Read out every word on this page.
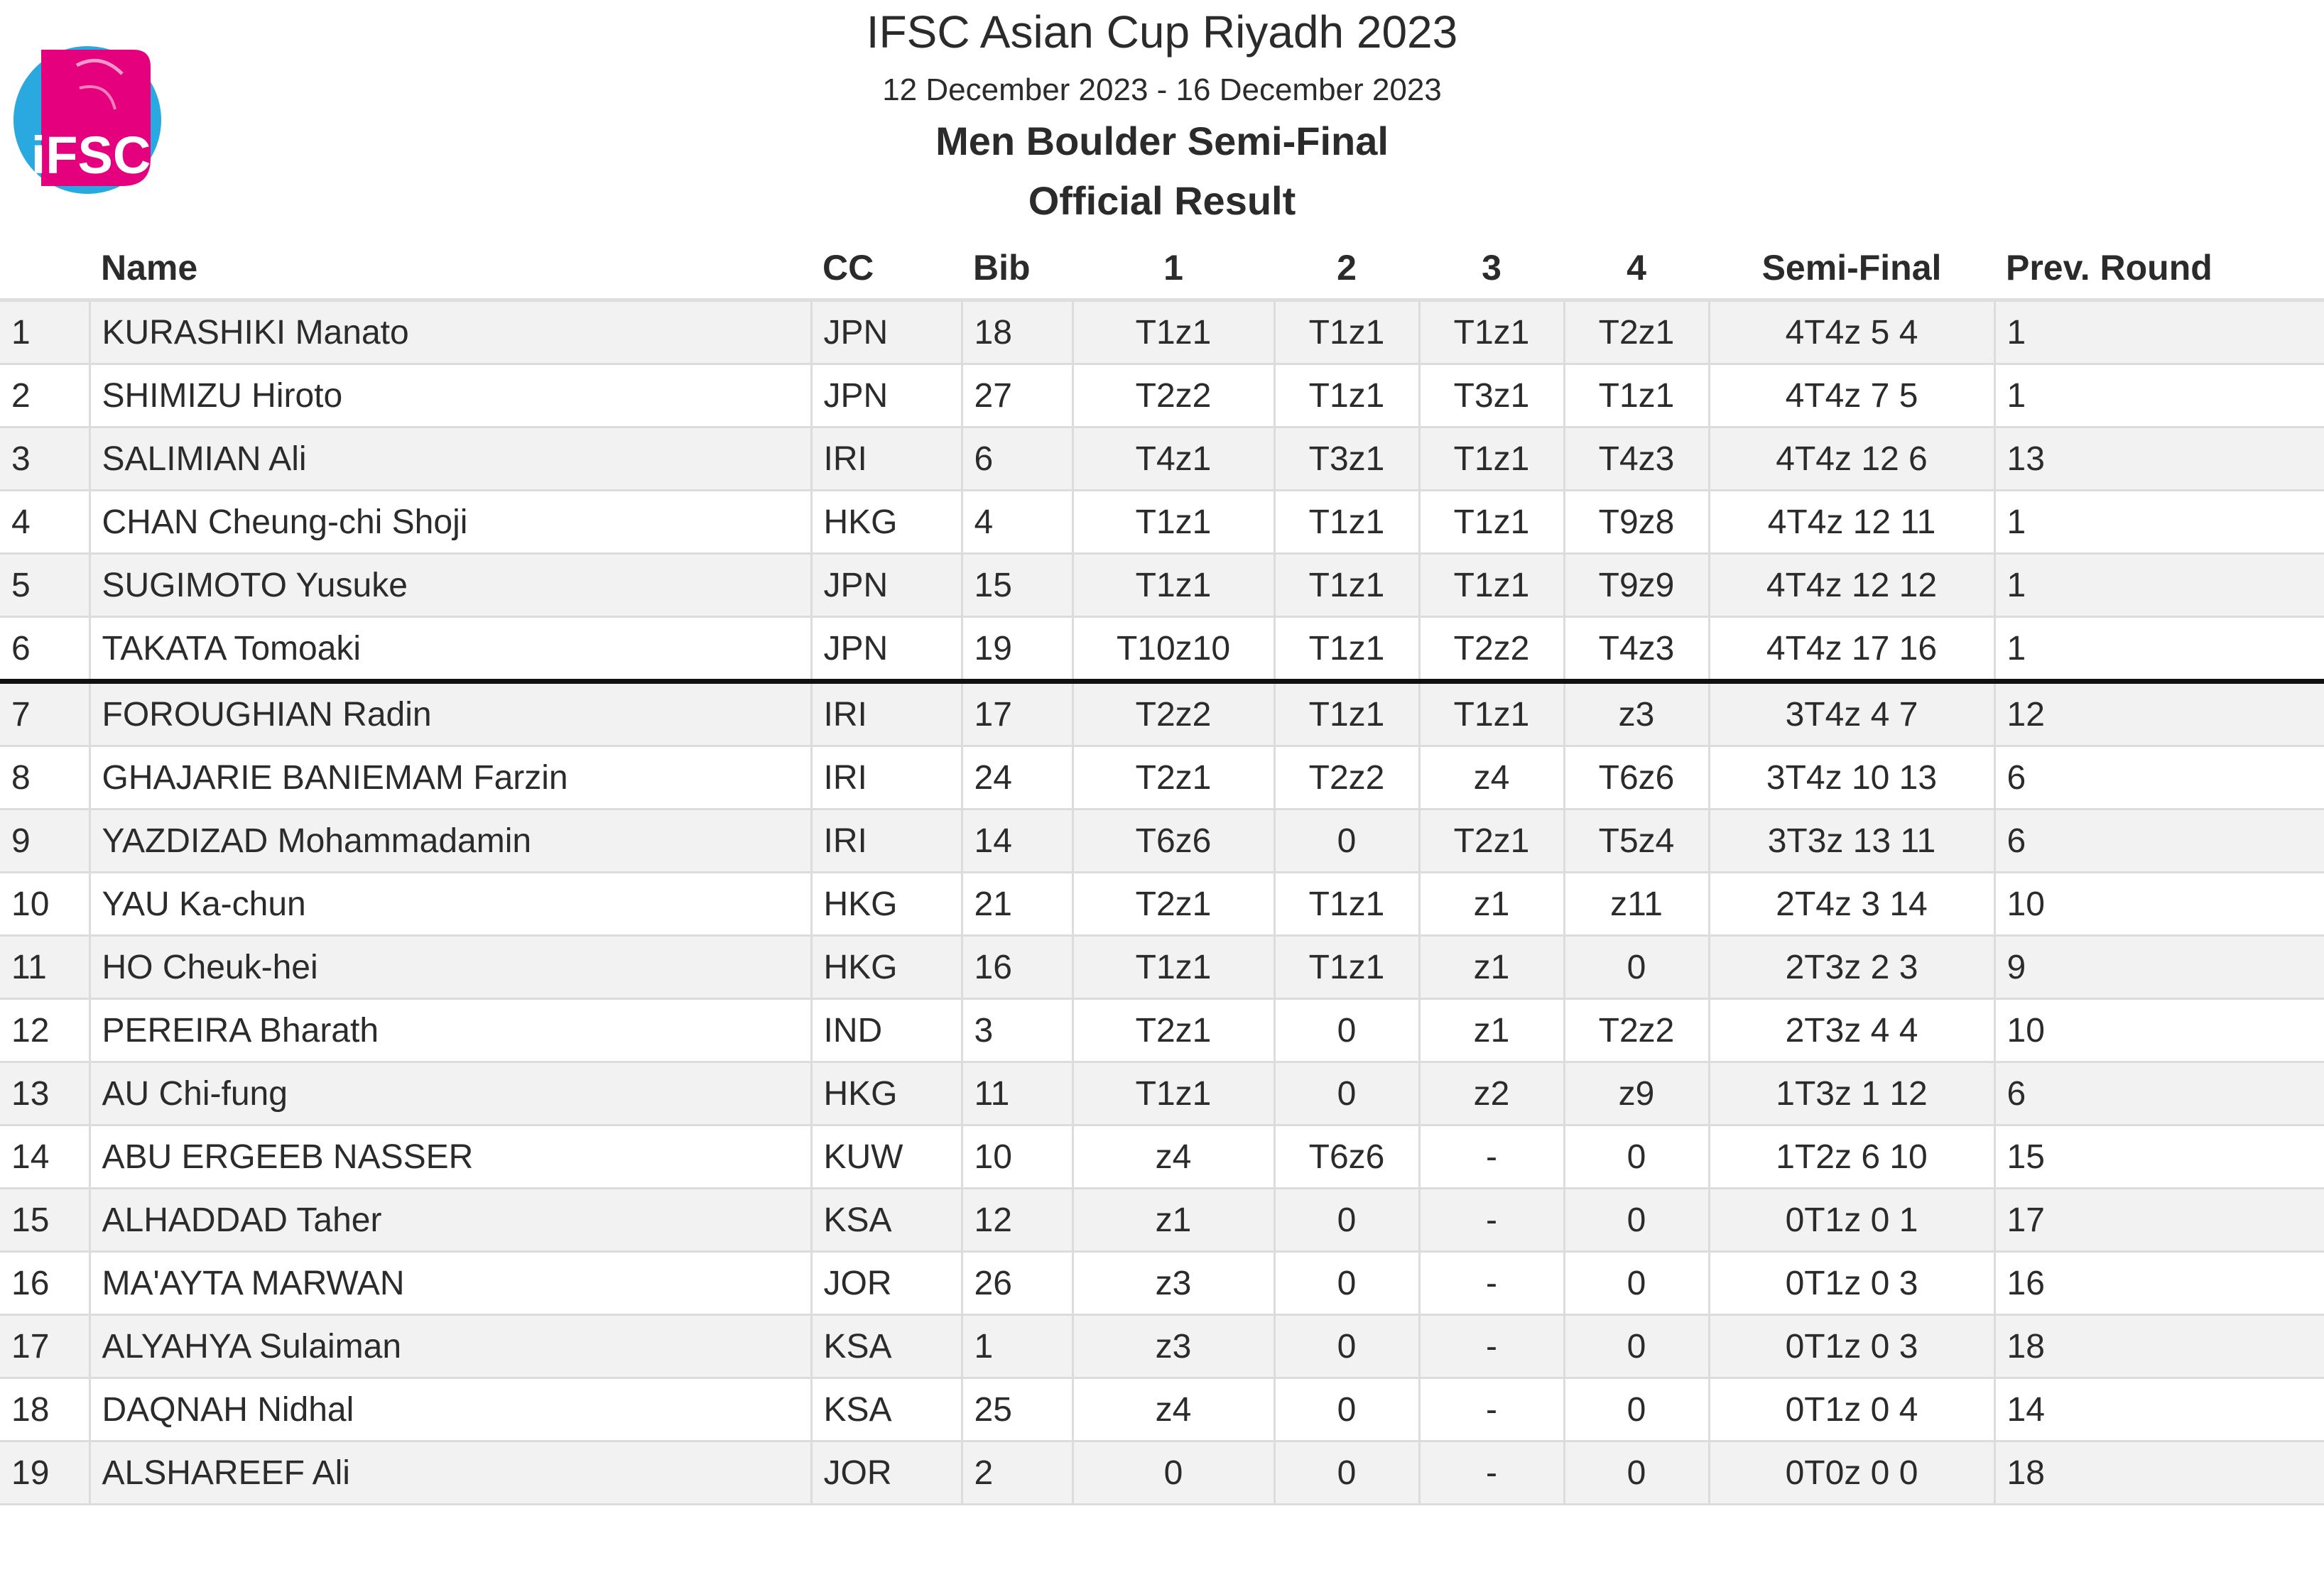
iFSC
IFSC Asian Cup Riyadh 2023
12 December 2023 - 16 December 2023
Men Boulder Semi-Final
Official Result
	Name	CC	Bib	1	2	3	4	Semi-Final	Prev. Round
1	KURASHIKI Manato	JPN	18	T1z1	T1z1	T1z1	T2z1	4T4z 5 4	1
2	SHIMIZU Hiroto	JPN	27	T2z2	T1z1	T3z1	T1z1	4T4z 7 5	1
3	SALIMIAN Ali	IRI	6	T4z1	T3z1	T1z1	T4z3	4T4z 12 6	13
4	CHAN Cheung-chi Shoji	HKG	4	T1z1	T1z1	T1z1	T9z8	4T4z 12 11	1
5	SUGIMOTO Yusuke	JPN	15	T1z1	T1z1	T1z1	T9z9	4T4z 12 12	1
6	TAKATA Tomoaki	JPN	19	T10z10	T1z1	T2z2	T4z3	4T4z 17 16	1
7	FOROUGHIAN Radin	IRI	17	T2z2	T1z1	T1z1	z3	3T4z 4 7	12
8	GHAJARIE BANIEMAM Farzin	IRI	24	T2z1	T2z2	z4	T6z6	3T4z 10 13	6
9	YAZDIZAD Mohammadamin	IRI	14	T6z6	0	T2z1	T5z4	3T3z 13 11	6
10	YAU Ka-chun	HKG	21	T2z1	T1z1	z1	z11	2T4z 3 14	10
11	HO Cheuk-hei	HKG	16	T1z1	T1z1	z1	0	2T3z 2 3	9
12	PEREIRA Bharath	IND	3	T2z1	0	z1	T2z2	2T3z 4 4	10
13	AU Chi-fung	HKG	11	T1z1	0	z2	z9	1T3z 1 12	6
14	ABU ERGEEB NASSER	KUW	10	z4	T6z6	-	0	1T2z 6 10	15
15	ALHADDAD Taher	KSA	12	z1	0	-	0	0T1z 0 1	17
16	MA'AYTA MARWAN	JOR	26	z3	0	-	0	0T1z 0 3	16
17	ALYAHYA Sulaiman	KSA	1	z3	0	-	0	0T1z 0 3	18
18	DAQNAH Nidhal	KSA	25	z4	0	-	0	0T1z 0 4	14
19	ALSHAREEF Ali	JOR	2	0	0	-	0	0T0z 0 0	18
